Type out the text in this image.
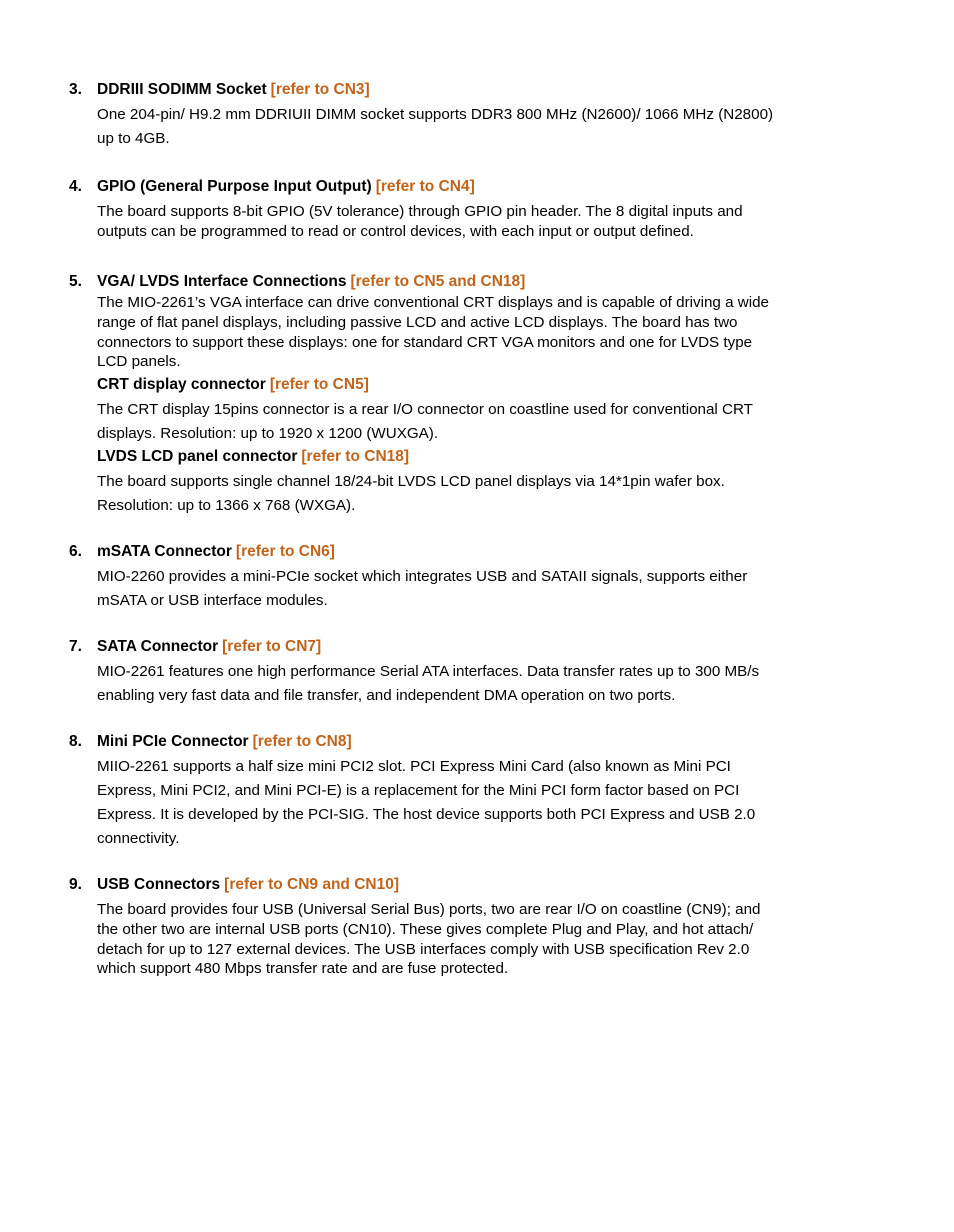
3. DDRIII SODIMM Socket [refer to CN3]
One 204-pin/ H9.2 mm DDRIUII DIMM socket supports DDR3 800 MHz (N2600)/ 1066 MHz (N2800)
up to 4GB.
4. GPIO (General Purpose Input Output) [refer to CN4]
The board supports 8-bit GPIO (5V tolerance) through GPIO pin header. The 8 digital inputs and
outputs can be programmed to read or control devices, with each input or output defined.
5. VGA/ LVDS Interface Connections [refer to CN5 and CN18]
The MIO-2261’s VGA interface can drive conventional CRT displays and is capable of driving a wide
range of flat panel displays, including passive LCD and active LCD displays. The board has two
connectors to support these displays: one for standard CRT VGA monitors and one for LVDS type
LCD panels.
CRT display connector [refer to CN5]
The CRT display 15pins connector is a rear I/O connector on coastline used for conventional CRT
displays. Resolution: up to 1920 x 1200 (WUXGA).
LVDS LCD panel connector [refer to CN18]
The board supports single channel 18/24-bit LVDS LCD panel displays via 14*1pin wafer box.
Resolution: up to 1366 x 768 (WXGA).
6. mSATA Connector [refer to CN6]
MIO-2260 provides a mini-PCIe socket which integrates USB and SATAII signals, supports either
mSATA or USB interface modules.
7. SATA Connector [refer to CN7]
MIO-2261 features one high performance Serial ATA interfaces. Data transfer rates up to 300 MB/s
enabling very fast data and file transfer, and independent DMA operation on two ports.
8. Mini PCIe Connector [refer to CN8]
MIIO-2261 supports a half size mini PCI2 slot. PCI Express Mini Card (also known as Mini PCI
Express, Mini PCI2, and Mini PCI-E) is a replacement for the Mini PCI form factor based on PCI
Express. It is developed by the PCI-SIG. The host device supports both PCI Express and USB 2.0
connectivity.
9. USB Connectors [refer to CN9 and CN10]
The board provides four USB (Universal Serial Bus) ports, two are rear I/O on coastline (CN9); and
the other two are internal USB ports (CN10). These gives complete Plug and Play, and hot attach/
detach for up to 127 external devices. The USB interfaces comply with USB specification Rev 2.0
which support 480 Mbps transfer rate and are fuse protected.
